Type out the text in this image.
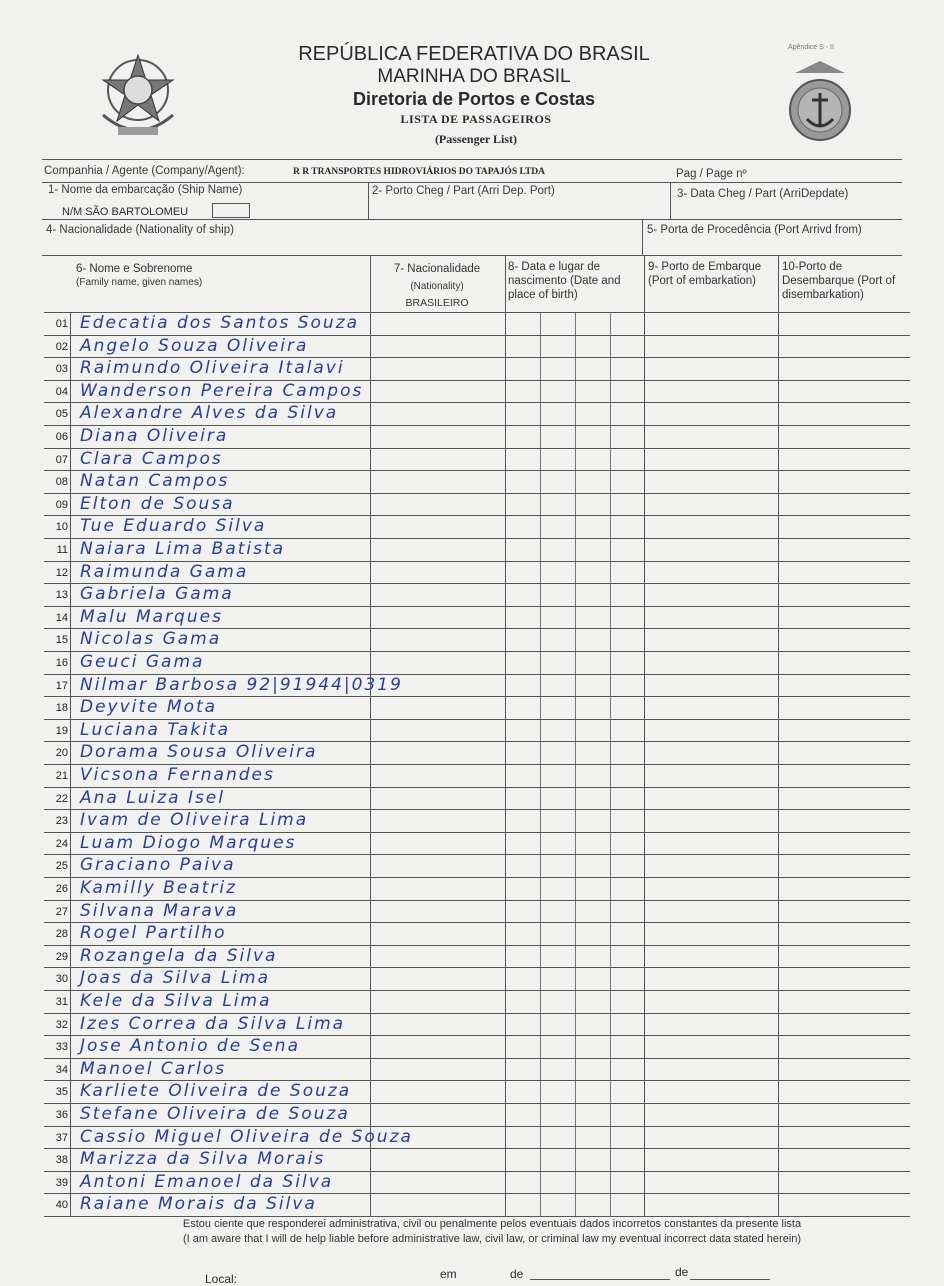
Apêndice S - II
REPÚBLICA FEDERATIVA DO BRASIL
MARINHA DO BRASIL
Diretoria de Portos e Costas
LISTA DE PASSAGEIROS
(Passenger List)
Companhia / Agente (Company/Agent):	R R TRANSPORTES HIDROVIÁRIOS DO TAPAJÓS LTDA	Pag / Page nº
1- Nome da embarcação (Ship Name)
N/M SÃO BARTOLOMEU
2- Porto Cheg / Part (Arri Dep. Port)	3- Data Cheg / Part (ArriDepdate)
4- Nacionalidade (Nationality of ship)	5- Porta de Procedência (Port Arrivd from)
6- Nome e Sobrenome
(Family name, given names)
7- Nacionalidade
(Nationality)
BRASILEIRO
8- Data e lugar de nascimento (Date and place of birth)
9- Porto de Embarque (Port of embarkation)
10-Porto de Desembarque (Port of disembarkation)
01 Edecatia dos Santos Souza
02 Angelo Souza Oliveira
03 Raimundo Oliveira Italavi
04 Wanderson Pereira Campos
05 Alexandre Alves da Silva
06 Diana Oliveira
07 Clara Campos
08 Natan Campos
09 Elton de Sousa
10 Tue Eduardo Silva
11 Naiara Lima Batista
12 Raimunda Gama
13 Gabriela Gama
14 Malu Marques
15 Nicolas Gama
16 Geuci Gama
17 Nilmar Barbosa 92|91944|0319
18 Deyvite Mota
19 Luciana Takita
20 Dorama Sousa Oliveira
21 Vicsona Fernandes
22 Ana Luiza Isel
23 Ivam de Oliveira Lima
24 Luam Diogo Marques
25 Graciano Paiva
26 Kamilly Beatriz
27 Silvana Marava
28 Rogel Partilho
29 Rozangela da Silva
30 Joas da Silva Lima
31 Kele da Silva Lima
32 Izes Correa da Silva Lima
33 Jose Antonio de Sena
34 Manoel Carlos
35 Karliete Oliveira de Souza
36 Stefane Oliveira de Souza
37 Cassio Miguel Oliveira de Souza
38 Marizza da Silva Morais
39 Antoni Emanoel da Silva
40 Raiane Morais da Silva
Estou ciente que responderei administrativa, civil ou penalmente pelos eventuais dados incorretos constantes da presente lista
(I am aware that I will de help liable before administrative law, civil law, or criminal law my eventual incorrect data stated herein)
Local:	em	de	de
